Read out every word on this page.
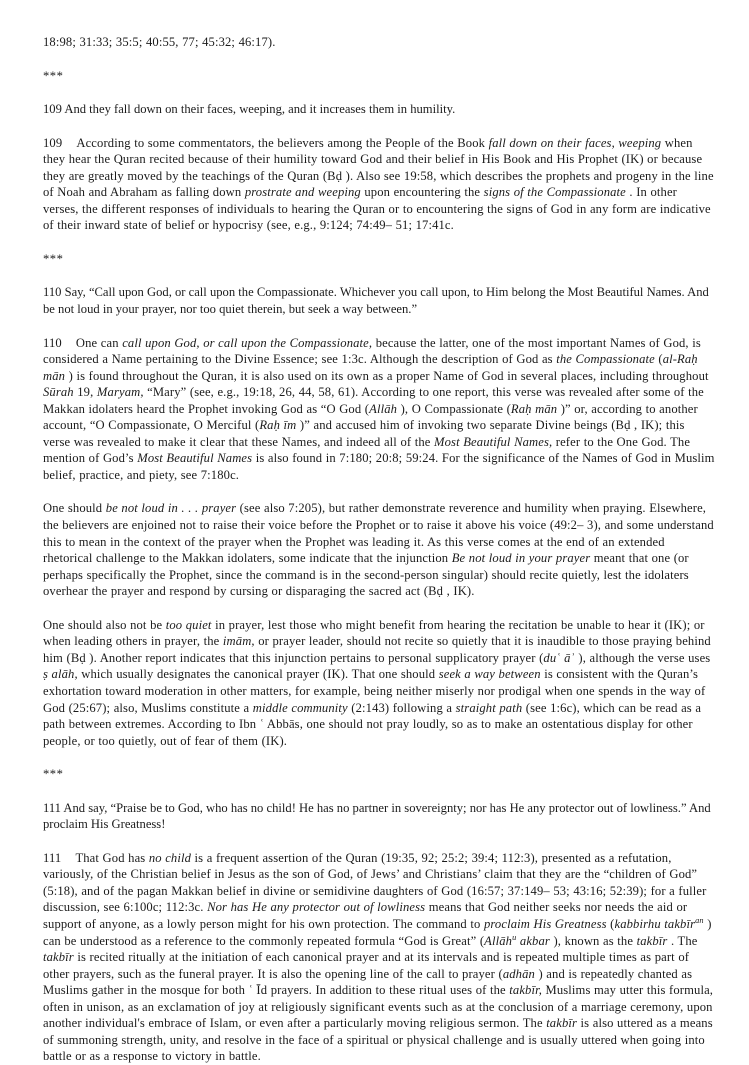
18:98; 31:33; 35:5; 40:55, 77; 45:32; 46:17).

***

109 And they fall down on their faces, weeping, and it increases them in humility.

109    According to some commentators, the believers among the People of the Book fall down on their faces, weeping when they hear the Quran recited because of their humility toward God and their belief in His Book and His Prophet (IK) or because they are greatly moved by the teachings of the Quran (Bḍ ). Also see 19:58, which describes the prophets and progeny in the line of Noah and Abraham as falling down prostrate and weeping upon encountering the signs of the Compassionate . In other verses, the different responses of individuals to hearing the Quran or to encountering the signs of God in any form are indicative of their inward state of belief or hypocrisy (see, e.g., 9:124; 74:49– 51; 17:41c.

***

110 Say, “Call upon God, or call upon the Compassionate. Whichever you call upon, to Him belong the Most Beautiful Names. And be not loud in your prayer, nor too quiet therein, but seek a way between.”

110    One can call upon God, or call upon the Compassionate, because the latter, one of the most important Names of God, is considered a Name pertaining to the Divine Essence; see 1:3c. Although the description of God as the Compassionate (al-Raḥ mān ) is found throughout the Quran, it is also used on its own as a proper Name of God in several places, including throughout Sūrah 19, Maryam, “Mary” (see, e.g., 19:18, 26, 44, 58, 61). According to one report, this verse was revealed after some of the Makkan idolaters heard the Prophet invoking God as “O God (Allāh ), O Compassionate (Raḥ mān )” or, according to another account, “O Compassionate, O Merciful (Raḥ īm )” and accused him of invoking two separate Divine beings (Bḍ , IK); this verse was revealed to make it clear that these Names, and indeed all of the Most Beautiful Names, refer to the One God. The mention of God’s Most Beautiful Names is also found in 7:180; 20:8; 59:24. For the significance of the Names of God in Muslim belief, practice, and piety, see 7:180c.

One should be not loud in . . . prayer (see also 7:205), but rather demonstrate reverence and humility when praying. Elsewhere, the believers are enjoined not to raise their voice before the Prophet or to raise it above his voice (49:2– 3), and some understand this to mean in the context of the prayer when the Prophet was leading it. As this verse comes at the end of an extended rhetorical challenge to the Makkan idolaters, some indicate that the injunction Be not loud in your prayer meant that one (or perhaps specifically the Prophet, since the command is in the second-person singular) should recite quietly, lest the idolaters overhear the prayer and respond by cursing or disparaging the sacred act (Bḍ , IK).

One should also not be too quiet in prayer, lest those who might benefit from hearing the recitation be unable to hear it (IK); or when leading others in prayer, the imām, or prayer leader, should not recite so quietly that it is inaudible to those praying behind him (Bḍ ). Another report indicates that this injunction pertains to personal supplicatory prayer (duʿ āʾ ), although the verse uses ṣ alāh, which usually designates the canonical prayer (IK). That one should seek a way between is consistent with the Quran’s exhortation toward moderation in other matters, for example, being neither miserly nor prodigal when one spends in the way of God (25:67); also, Muslims constitute a middle community (2:143) following a straight path (see 1:6c), which can be read as a path between extremes. According to Ibn ʿ Abbās, one should not pray loudly, so as to make an ostentatious display for other people, or too quietly, out of fear of them (IK).

***

111 And say, “Praise be to God, who has no child! He has no partner in sovereignty; nor has He any protector out of lowliness.” And proclaim His Greatness!

111    That God has no child is a frequent assertion of the Quran (19:35, 92; 25:2; 39:4; 112:3), presented as a refutation, variously, of the Christian belief in Jesus as the son of God, of Jews’ and Christians’ claim that they are the “children of God” (5:18), and of the pagan Makkan belief in divine or semidivine daughters of God (16:57; 37:149– 53; 43:16; 52:39); for a fuller discussion, see 6:100c; 112:3c. Nor has He any protector out of lowliness means that God neither seeks nor needs the aid or support of anyone, as a lowly person might for his own protection. The command to proclaim His Greatness (kabbirhu takbīr$^{an}$ ) can be understood as a reference to the commonly repeated formula “God is Great” (Allāh$^u$ akbar ), known as the takbīr . The takbīr is recited ritually at the initiation of each canonical prayer and at its intervals and is repeated multiple times as part of other prayers, such as the funeral prayer. It is also the opening line of the call to prayer (adhān ) and is repeatedly chanted as Muslims gather in the mosque for both ʿ Īd prayers. In addition to these ritual uses of the takbīr, Muslims may utter this formula, often in unison, as an exclamation of joy at religiously significant events such as at the conclusion of a marriage ceremony, upon another individual's embrace of Islam, or even after a particularly moving religious sermon. The takbīr is also uttered as a means of summoning strength, unity, and resolve in the face of a spiritual or physical challenge and is usually uttered when going into battle or as a response to victory in battle.
